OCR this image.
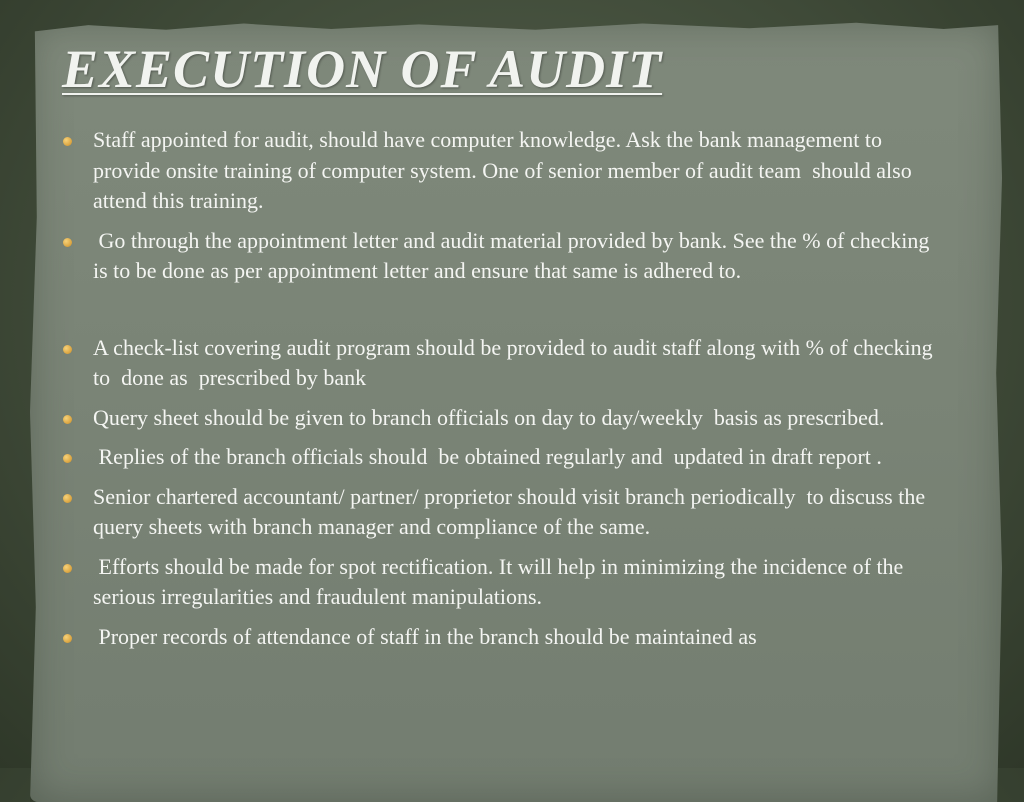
EXECUTION OF AUDIT
Staff appointed for audit, should have computer knowledge. Ask the bank management to provide onsite training of computer system. One of senior member of audit team  should also attend this training.
Go through the appointment letter and audit material provided by bank. See the % of checking  is to be done as per appointment letter and ensure that same is adhered to.
A check-list covering audit program should be provided to audit staff along with % of checking to  done as  prescribed by bank
Query sheet should be given to branch officials on day to day/weekly  basis as prescribed.
Replies of the branch officials should  be obtained regularly and  updated in draft report .
Senior chartered accountant/ partner/ proprietor should visit branch periodically  to discuss the query sheets with branch manager and compliance of the same.
Efforts should be made for spot rectification. It will help in minimizing the incidence of the serious irregularities and fraudulent manipulations.
Proper records of attendance of staff in the branch should be maintained as
